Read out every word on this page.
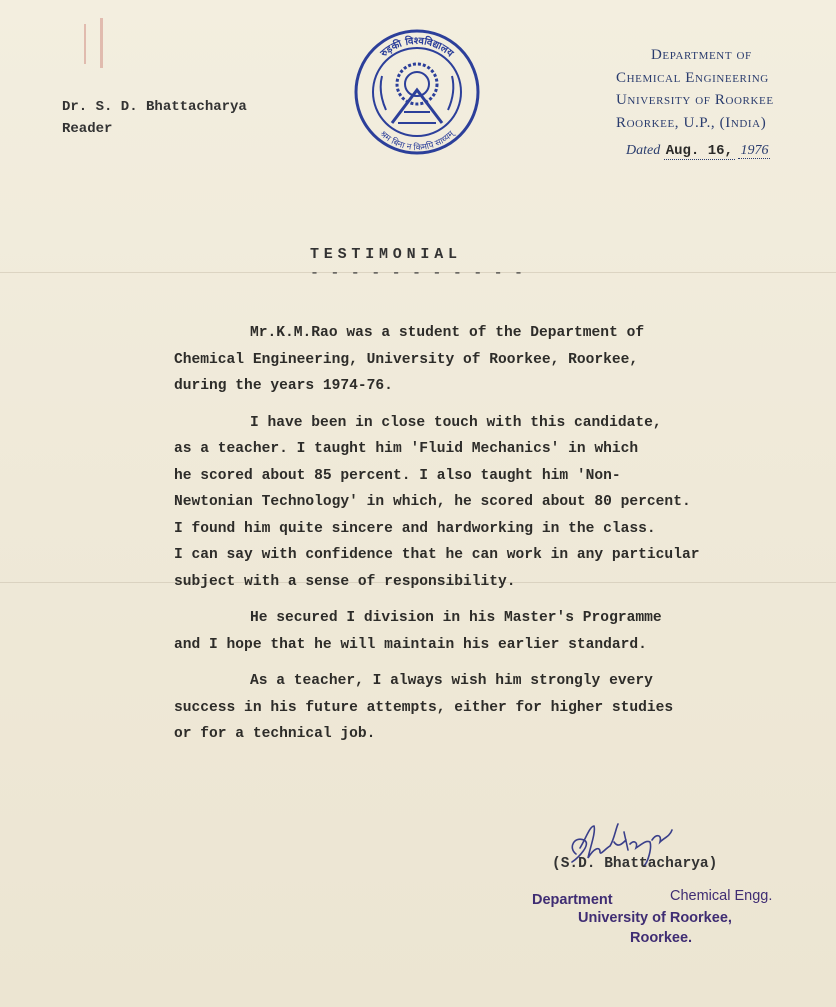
Dr. S. D. Bhattacharya
Reader
रुड़की विश्वविद्यालय
श्रम बिना न किमपि साध्यम्
Department of
Chemical Engineering
University of Roorkee
Roorkee, U.P., (India)
Dated Aug. 16, 1976
TESTIMONIAL
- - - - - - - - - - -
Mr.K.M.Rao was a student of the Department of
Chemical Engineering, University of Roorkee, Roorkee,
during the years 1974-76.
I have been in close touch with this candidate,
as a teacher. I taught him 'Fluid Mechanics' in which
he scored about 85 percent. I also taught him 'Non-
Newtonian Technology' in which, he scored about 80 percent.
I found him quite sincere and hardworking in the class.
I can say with confidence that he can work in any particular
subject with a sense of responsibility.
He secured I division in his Master's Programme
and I hope that he will maintain his earlier standard.
As a teacher, I always wish him strongly every
success in his future attempts, either for higher studies
or for a technical job.
(S.D. Bhattacharya)
Department	Chemical Engg.
University of Roorkee,
Roorkee.
